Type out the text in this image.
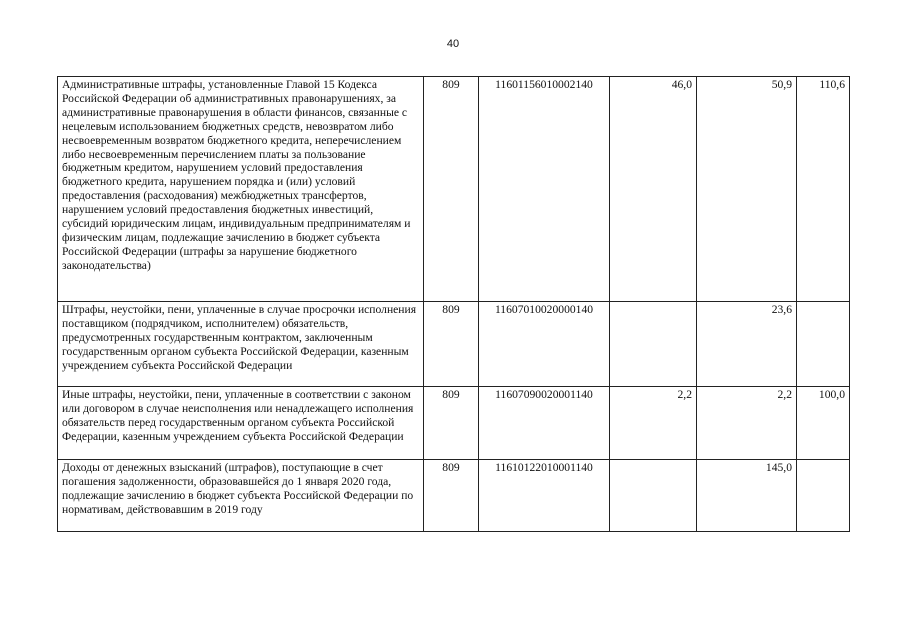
40
Административные штрафы, установленные Главой 15 Кодекса Российской Федерации об административных правонарушениях, за административные правонарушения в области финансов, связанные с нецелевым использованием бюджетных средств, невозвратом либо несвоевременным возвратом бюджетного кредита, неперечислением либо несвоевременным перечислением платы за пользование бюджетным кредитом, нарушением условий предоставления бюджетного кредита, нарушением порядка и (или) условий предоставления (расходования) межбюджетных трансфертов, нарушением условий предоставления бюджетных инвестиций, субсидий юридическим лицам, индивидуальным предпринимателям и физическим лицам, подлежащие зачислению в бюджет субъекта Российской Федерации (штрафы за нарушение бюджетного законодательства)	809	11601156010002140	46,0	50,9	110,6
Штрафы, неустойки, пени, уплаченные в случае просрочки исполнения поставщиком (подрядчиком, исполнителем) обязательств, предусмотренных государственным контрактом, заключенным государственным органом субъекта Российской Федерации, казенным учреждением субъекта Российской Федерации	809	11607010020000140		23,6	
Иные штрафы, неустойки, пени, уплаченные в соответствии с законом или договором в случае неисполнения или ненадлежащего исполнения обязательств перед государственным органом субъекта Российской Федерации, казенным учреждением субъекта Российской Федерации	809	11607090020001140	2,2	2,2	100,0
Доходы от денежных взысканий (штрафов), поступающие в счет погашения задолженности, образовавшейся до 1 января 2020 года, подлежащие зачислению в бюджет субъекта Российской Федерации по нормативам, действовавшим в 2019 году	809	11610122010001140		145,0	
